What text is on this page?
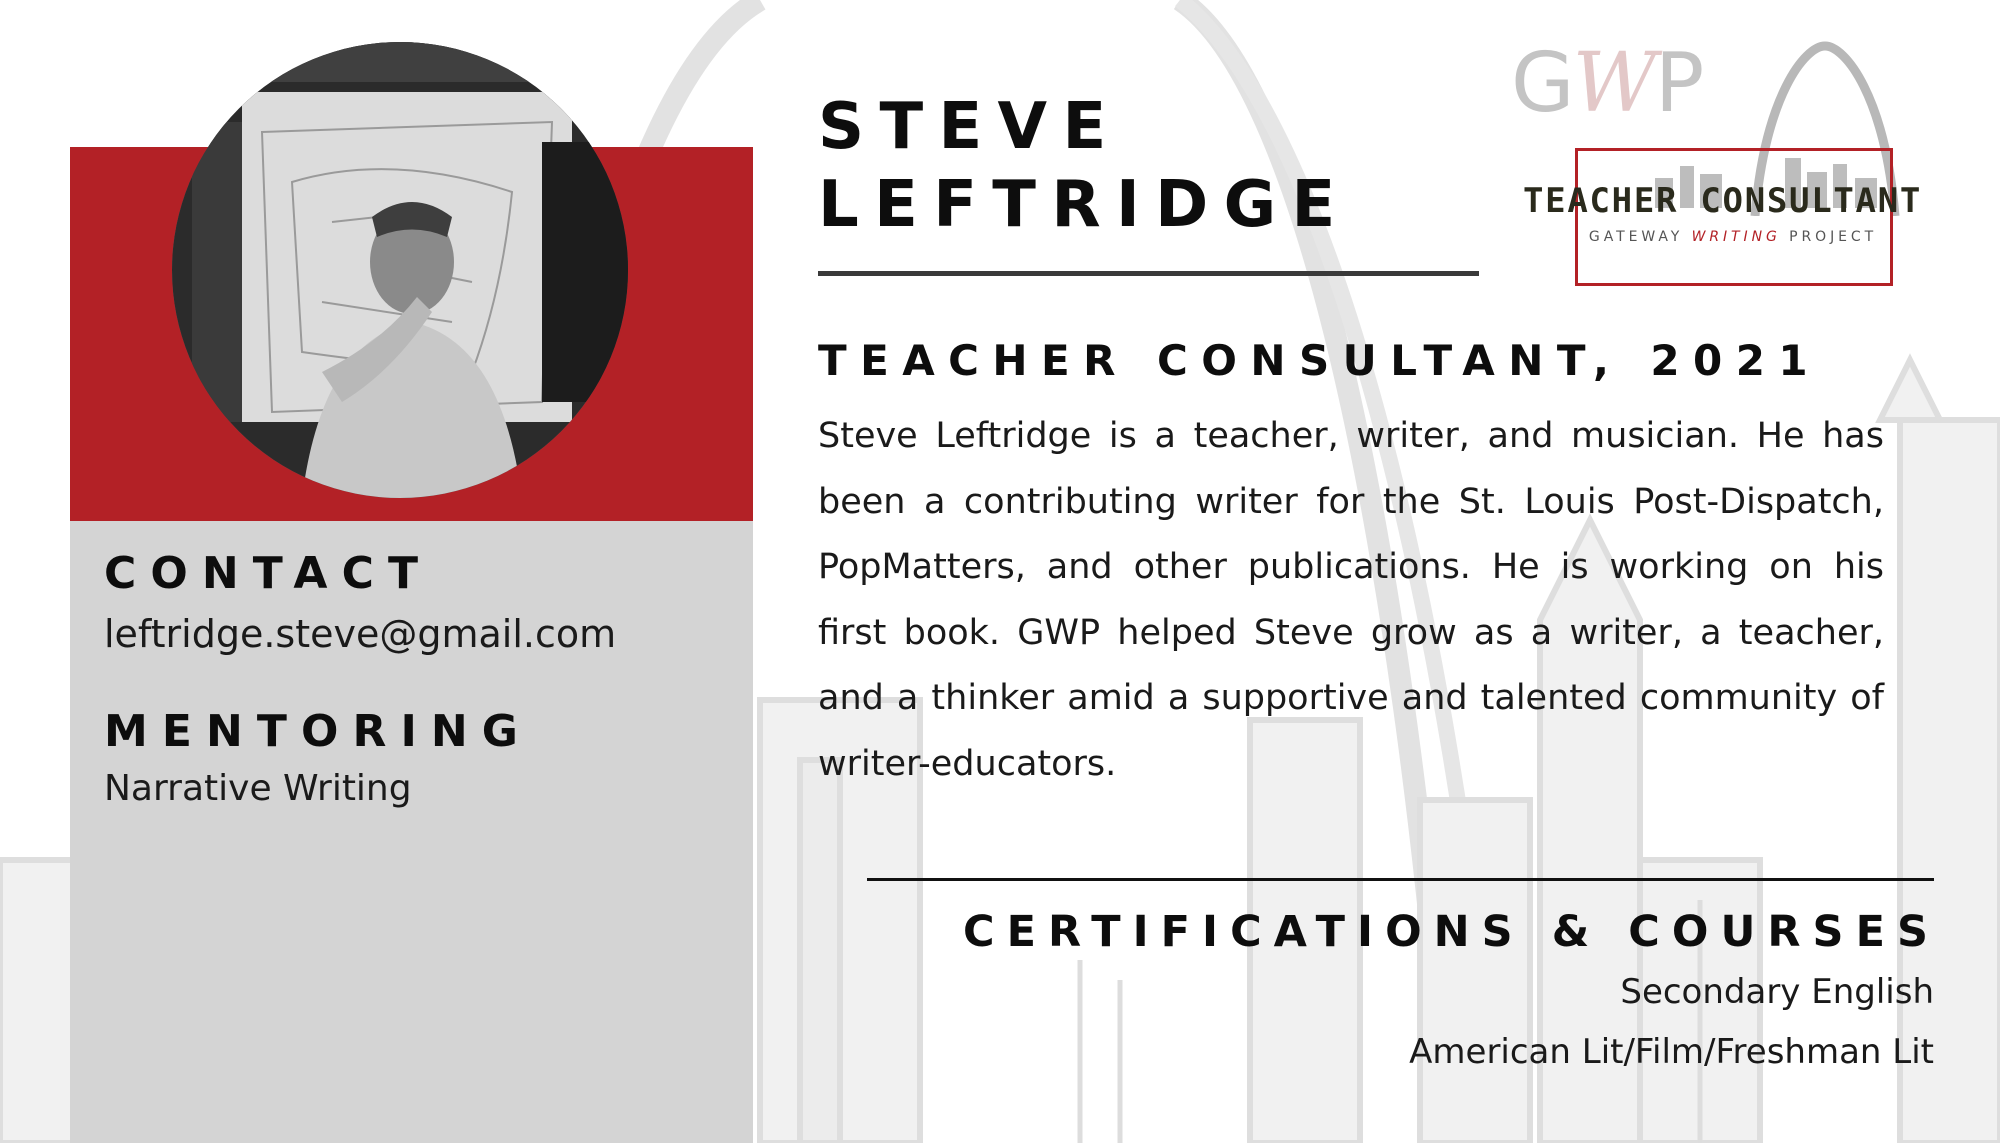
CONTACT
leftridge.steve@gmail.com
MENTORING
Narrative Writing
STEVE
LEFTRIDGE
TEACHER CONSULTANT, 2021

Steve Leftridge is a teacher, writer, and musician. He has been a contributing writer for the St. Louis Post-Dispatch, PopMatters, and other publications. He is working on his first book. GWP helped Steve grow as a writer, a teacher, and a thinker amid a supportive and talented community of writer-educators.

CERTIFICATIONS & COURSES
Secondary English
American Lit/Film/Freshman Lit
GWP
TEACHER CONSULTANT
GATEWAY WRITING PROJECT
